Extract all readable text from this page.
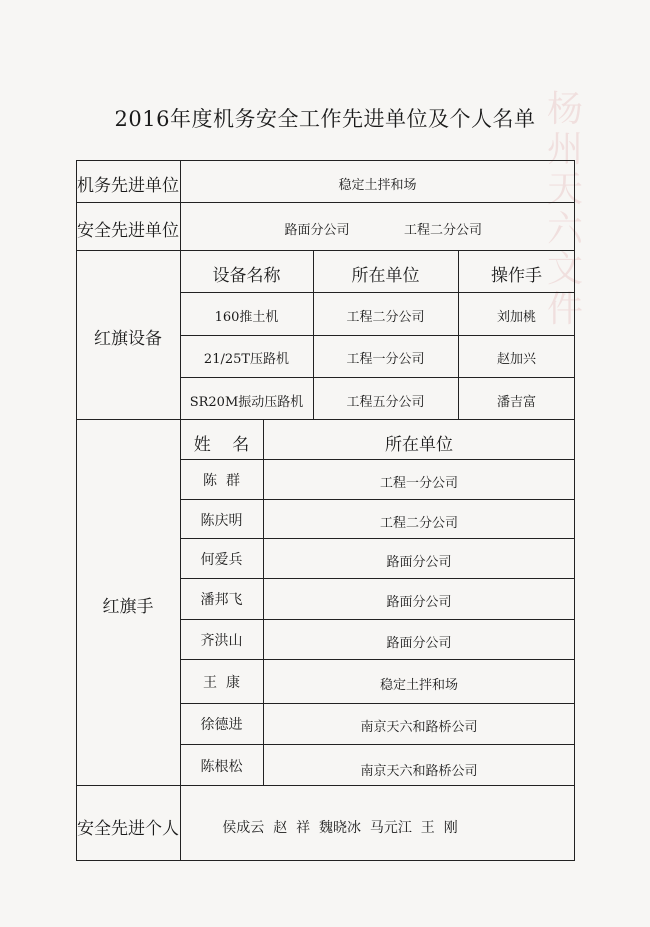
杨州天六文件
2016年度机务安全工作先进单位及个人名单
机务先进单位	稳定土拌和场
安全先进单位	路面分公司	工程二分公司
红旗设备
设备名称	所在单位	操作手
160推土机	工程二分公司	刘加桃
21/25T压路机	工程一分公司	赵加兴
SR20M振动压路机	工程五分公司	潘吉富
红旗手
姓    名	所在单位
陈  群	工程一分公司
陈庆明	工程二分公司
何爱兵	路面分公司
潘邦飞	路面分公司
齐洪山	路面分公司
王  康	稳定土拌和场
徐德进	南京天六和路桥公司
陈根松	南京天六和路桥公司
安全先进个人	侯成云  赵  祥  魏晓冰  马元江  王  刚
